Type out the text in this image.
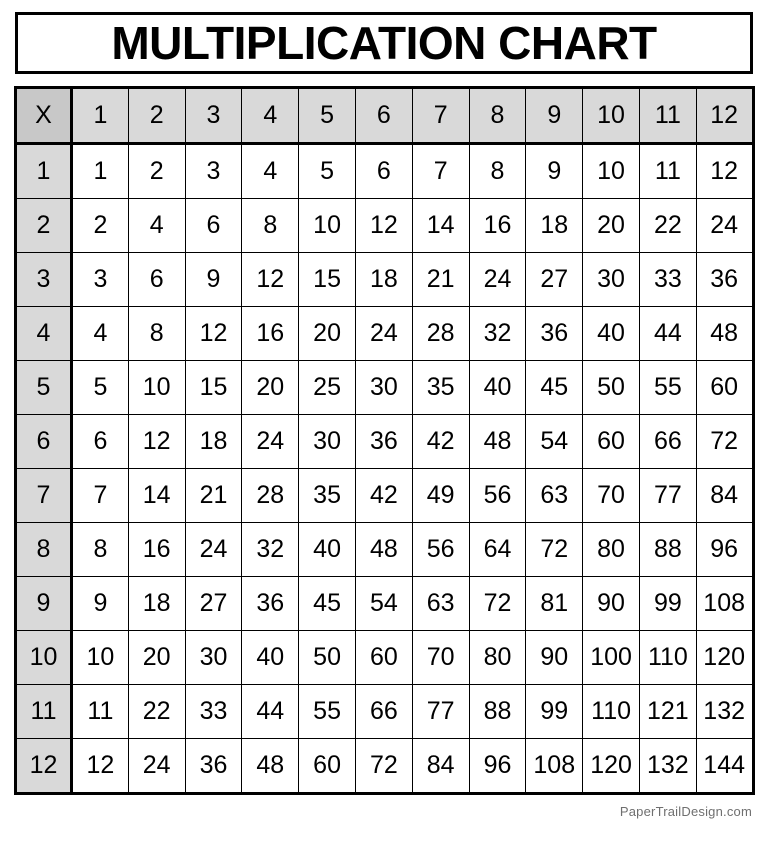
MULTIPLICATION CHART
X	1	2	3	4	5	6	7	8	9	10	11	12
1	1	2	3	4	5	6	7	8	9	10	11	12
2	2	4	6	8	10	12	14	16	18	20	22	24
3	3	6	9	12	15	18	21	24	27	30	33	36
4	4	8	12	16	20	24	28	32	36	40	44	48
5	5	10	15	20	25	30	35	40	45	50	55	60
6	6	12	18	24	30	36	42	48	54	60	66	72
7	7	14	21	28	35	42	49	56	63	70	77	84
8	8	16	24	32	40	48	56	64	72	80	88	96
9	9	18	27	36	45	54	63	72	81	90	99	108
10	10	20	30	40	50	60	70	80	90	100	110	120
11	11	22	33	44	55	66	77	88	99	110	121	132
12	12	24	36	48	60	72	84	96	108	120	132	144
PaperTrailDesign.com
